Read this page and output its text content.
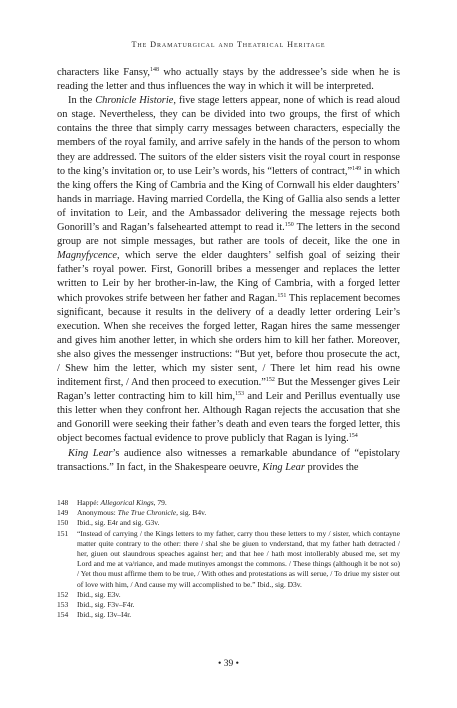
The Dramaturgical and Theatrical Heritage

characters like Fansy,$^{148}$ who actually stays by the addressee’s side when he is reading the letter and thus influences the way in which it will be interpreted.

In the Chronicle Historie, five stage letters appear, none of which is read aloud on stage. Nevertheless, they can be divided into two groups, the first of which contains the three that simply carry messages between characters, especially the members of the royal family, and arrive safely in the hands of the person to whom they are addressed. The suitors of the elder sisters visit the royal court in response to the king’s invitation or, to use Leir’s words, his “letters of contract,”$^{149}$ in which the king offers the King of Cambria and the King of Cornwall his elder daughters’ hands in marriage. Having married Cordella, the King of Gallia also sends a letter of invitation to Leir, and the Ambassador delivering the message rejects both Gonorill’s and Ragan’s falsehearted attempt to read it.$^{150}$ The letters in the second group are not simple messages, but rather are tools of deceit, like the one in Magnyfycence, which serve the elder daughters’ selfish goal of seizing their father’s royal power. First, Gonorill bribes a messenger and replaces the letter written to Leir by her brother-in-law, the King of Cambria, with a forged letter which provokes strife between her father and Ragan.$^{151}$ This replacement becomes significant, because it results in the delivery of a deadly letter ordering Leir’s execution. When she receives the forged letter, Ragan hires the same messenger and gives him another letter, in which she orders him to kill her father. Moreover, she also gives the messenger instructions: “But yet, before thou prosecute the act, / Shew him the letter, which my sister sent, / There let him read his owne inditement first, / And then proceed to execution.”$^{152}$ But the Messenger gives Leir Ragan’s letter contracting him to kill him,$^{153}$ and Leir and Perillus eventually use this letter when they confront her. Although Ragan rejects the accusation that she and Gonorill were seeking their father’s death and even tears the forged letter, this object becomes factual evidence to prove publicly that Ragan is lying.$^{154}$

King Lear’s audience also witnesses a remarkable abundance of “epistolary transactions.” In fact, in the Shakespeare oeuvre, King Lear provides the

148	Happé: Allegorical Kings, 79.
149	Anonymous: The True Chronicle, sig. B4v.
150	Ibid., sig. E4r and sig. G3v.
151	“Instead of carrying / the Kings letters to my father, carry thou these letters to my / sister, which contayne matter quite contrary to the other: there / shal she be giuen to vnderstand, that my father hath detracted / her, giuen out slaundrous speaches against her; and that hee / hath most intollerably abused me, set my Lord and me at va/riance, and made mutinyes amongst the commons. / These things (although it be not so) / Yet thou must affirme them to be true, / With othes and protestations as will serue, / To driue my sister out of love with him, / And cause my will accomplished to be.” Ibid., sig. D3v.
152	Ibid., sig. E3v.
153	Ibid., sig. F3v–F4r.
154	Ibid., sig. I3v–I4r.
• 39 •
